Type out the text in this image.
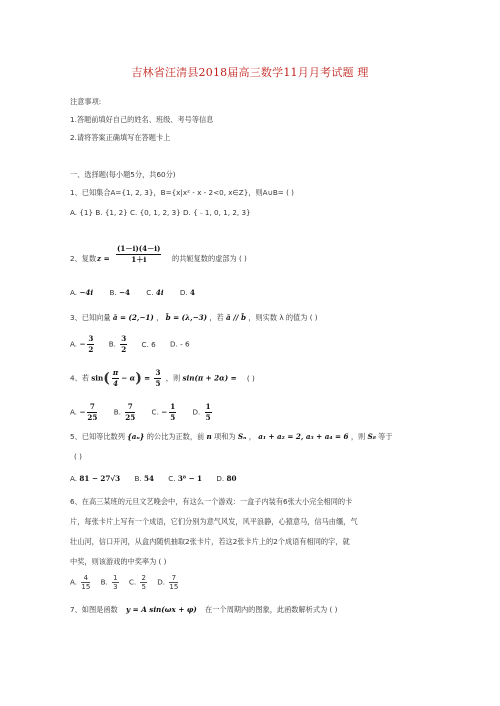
吉林省汪清县2018届高三数学11月月考试题 理
注意事项:
1.答题前填好自己的姓名、班级、考号等信息
2.请将答案正确填写在答题卡上
一、选择题(每小题5分，共60分)
1、已知集合A={1, 2, 3}，B={x|x² - x - 2<0, x∈Z}，则A∪B= ( )
A. {1} B. {1, 2} C. {0, 1, 2, 3} D. {﹣1, 0, 1, 2, 3}
2、复数 $z = \frac{(1-i)(4-i)}{1+i}$ 的共轭复数的虚部为 ( )
A. −4i B. −4 C. 4i D. 4
3、已知向量 ā = (2,−1) ， b̄ = (λ,−3) ，若 ā // b̄ ，则实数 λ 的值为 ( )
A. − $\frac{3}{2} B$. $\frac{3}{2} C$. 6 D. - 6
4、若 $\sin( \frac{\pi}{4} - \alpha) = \frac{3}{5}$ ，则 sin(π + 2α) = ( )
A. − $\frac{7}{25} B$. $\frac{7}{25} C$. − $\frac{1}{5} D$. $\frac{1}{5}$
5、已知等比数列 {aₙ} 的公比为正数，前 n 项和为 Sₙ ， a₁ + a₂ = 2, a₃ + a₄ = 6 ，则 S₈ 等于
( )
A. 81 − 27√3 B. 54 C. 3⁸ − 1 D. 80
6、在高三某班的元旦文艺晚会中，有这么一个游戏：一盒子内装有6张大小完全相同的卡
片，每张卡片上写有一个成语，它们分别为意气风发，风平浪静，心猿意马，信马由缰，气
壮山河，信口开河，从盒内随机抽取2张卡片，若这2张卡片上的2个成语有相同的字，就
中奖，则该游戏的中奖率为 ( )
A. $\frac{4}{15} B$. $\frac{1}{3} C$. $\frac{2}{5} D$. $\frac{7}{15}$
7、如图是函数 y = A sin(ωx + φ) 在一个周期内的图象，此函数解析式为 ( )
